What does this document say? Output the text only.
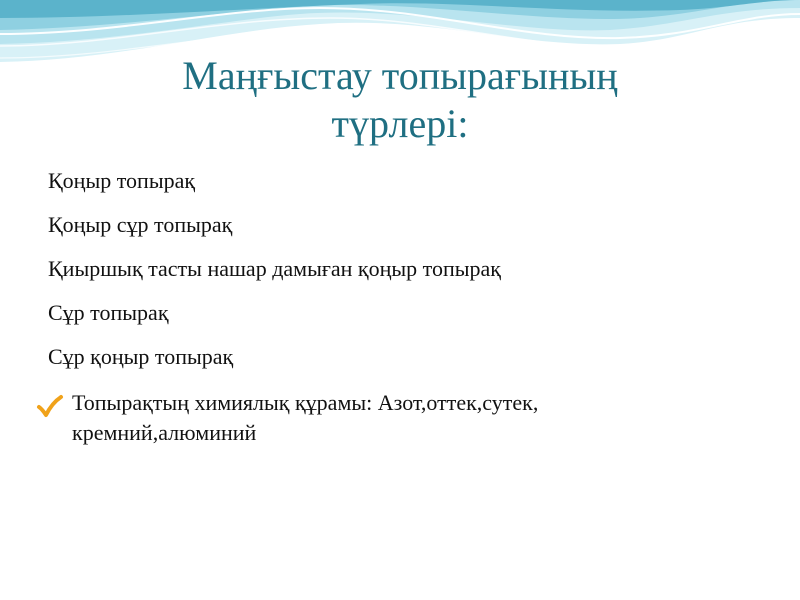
Маңғыстау топырағының
түрлері:
Қоңыр топырақ
Қоңыр сұр топырақ
Қиыршық тасты нашар дамыған қоңыр топырақ
Сұр топырақ
Сұр қоңыр топырақ
Топырақтың химиялық құрамы: Азот,оттек,сутек,
кремний,алюминий
